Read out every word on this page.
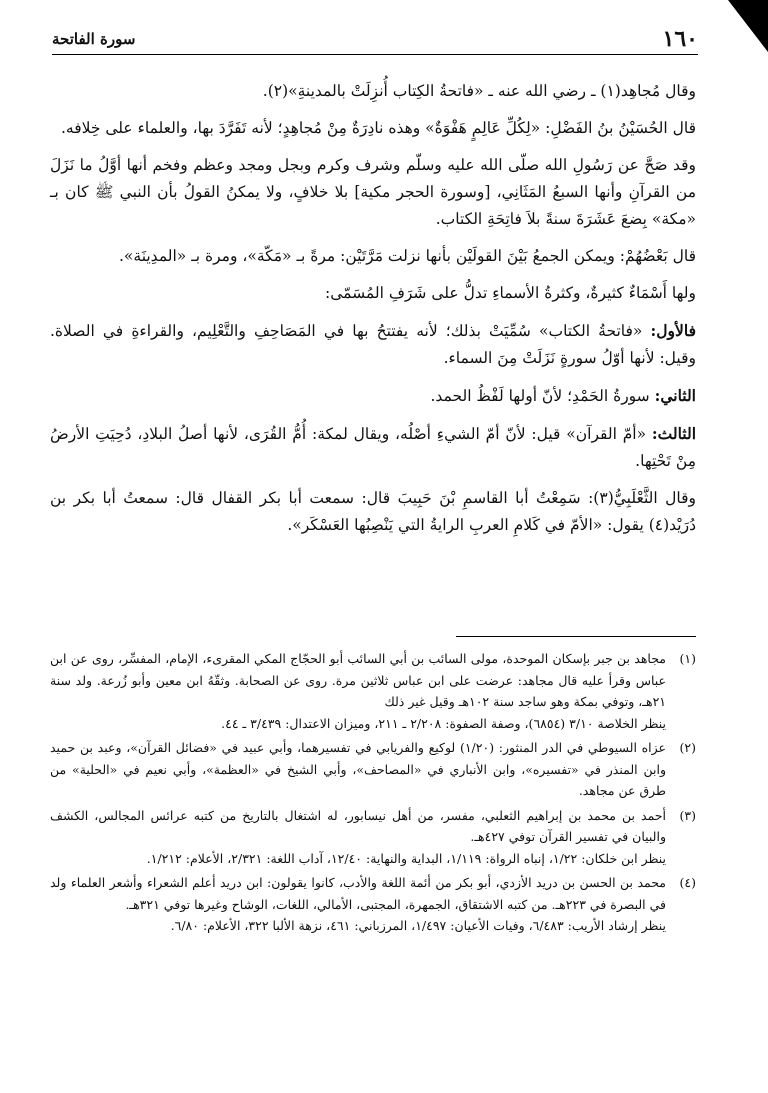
١٦٠
سورة الفاتحة

وقال مُجاهِد(١) ـ رضي الله عنه ـ «فاتحةُ الكِتاب أُنزِلَتْ بالمدينةِ»(٢).

قال الحُسَيْنُ بنُ الفَضْلِ: «لِكُلِّ عَالِمٍ هَفْوَةٌ» وهذه نادِرَةٌ مِنْ مُجاهِدٍ؛ لأنه تَفَرَّدَ بها، والعلماء على خِلافه.

وقد صَحَّ عن رَسُولِ الله صلّى الله عليه وسلّم وشرف وكرم وبجل ومجد وعظم وفخم أنها أوَّلُ ما نَزَلَ من القرآنِ وأنها السبعُ المَثَانِي، [وسورة الحجر مكية] بلا خلافٍ، ولا يمكنُ القولُ بأن النبي ﷺ كان بـ «مكة» بِضعَ عَشَرَةَ سنةً بلاَ فاتِحَةِ الكتاب.

قال بَعْضُهُمْ: ويمكن الجمعُ بَيْنَ القولَيْن بأنها نزلت مَرَّتَيْن: مرةً بـ «مَكّة»، ومرة بـ «المدِينَة».

ولها أَسْمَاءٌ كثيرةٌ، وكثرةُ الأسماءِ تدلُّ على شَرَفِ المُسَمّى:

فالأول: «فاتحةُ الكتاب» سُمِّيَتْ بذلك؛ لأنه يفتتحُ بها في المَصَاحِفِ والتَّعْلِيم، والقراءةِ في الصلاة. وقيل: لأنها أوّلُ سورةٍ نَزَلَتْ مِنَ السماء.

الثاني: سورةُ الحَمْدِ؛ لأنّ أولها لَفْظُ الحمد.

الثالث: «أمّ القرآن» قيل: لأنّ أمّ الشيءِ أصْلُه، ويقال لمكة: أُمُّ القُرَى، لأنها أصلُ البلادِ، دُحِيَتِ الأرضُ مِنْ تَحْتِها.

وقال الثَّعْلَبِيُّ(٣): سَمِعْتُ أبا القاسمِ بْنَ حَبِيبَ قال: سمعت أبا بكر القفال قال: سمعتُ أبا بكر بن دُرَيْد(٤) يقول: «الأمّ في كَلامِ العربِ الرايةُ التي يَنْصِبُها العَسْكَر».

(١)
مجاهد بن جبر بإسكان الموحدة، مولى السائب بن أبي السائب أبو الحجّاج المكي المقرىء، الإمام، المفسِّر، روى عن ابن عباس وقرأ عليه قال مجاهد: عرضت على ابن عباس ثلاثين مرة. روى عن الصحابة. وثقّهُ ابن معين وأبو زُرعة. ولد سنة ٢١هـ، وتوفي بمكة وهو ساجد سنة ١٠٢هـ وقيل غير ذلك
ينظر الخلاصة ٣/١٠ (٦٨٥٤)، وصفة الصفوة: ٢/٢٠٨ ـ ٢١١، وميزان الاعتدال: ٣/٤٣٩ ـ ٤٤.
(٢)
عزاه السيوطي في الدر المنثور: (١/٢٠) لوكيع والفريابي في تفسيرهما، وأبي عبيد في «فضائل القرآن»، وعبد بن حميد وابن المنذر في «تفسيره»، وابن الأنباري في «المصاحف»، وأبي الشيخ في «العظمة»، وأبي نعيم في «الحلية» من طرق عن مجاهد.
(٣)
أحمد بن محمد بن إبراهيم الثعلبي، مفسر، من أهل نيسابور، له اشتغال بالتاريخ من كتبه عرائس المجالس، الكشف والبيان في تفسير القرآن توفي ٤٢٧هـ.
ينظر ابن خلكان: ١/٢٢، إنباه الرواة: ١/١١٩، البداية والنهاية: ١٢/٤٠، آداب اللغة: ٢/٣٢١، الأعلام: ١/٢١٢.
(٤)
محمد بن الحسن بن دريد الأزدي، أبو بكر من أئمة اللغة والأدب، كانوا يقولون: ابن دريد أعلم الشعراء وأشعر العلماء ولد في البصرة في ٢٢٣هـ. من كتبه الاشتقاق، الجمهرة، المجتبى، الأمالي، اللغات، الوشاح وغيرها توفي ٣٢١هـ.
ينظر إرشاد الأريب: ٦/٤٨٣، وفيات الأعيان: ١/٤٩٧، المرزباني: ٤٦١، نزهة الألبا ٣٢٢، الأعلام: ٦/٨٠.
